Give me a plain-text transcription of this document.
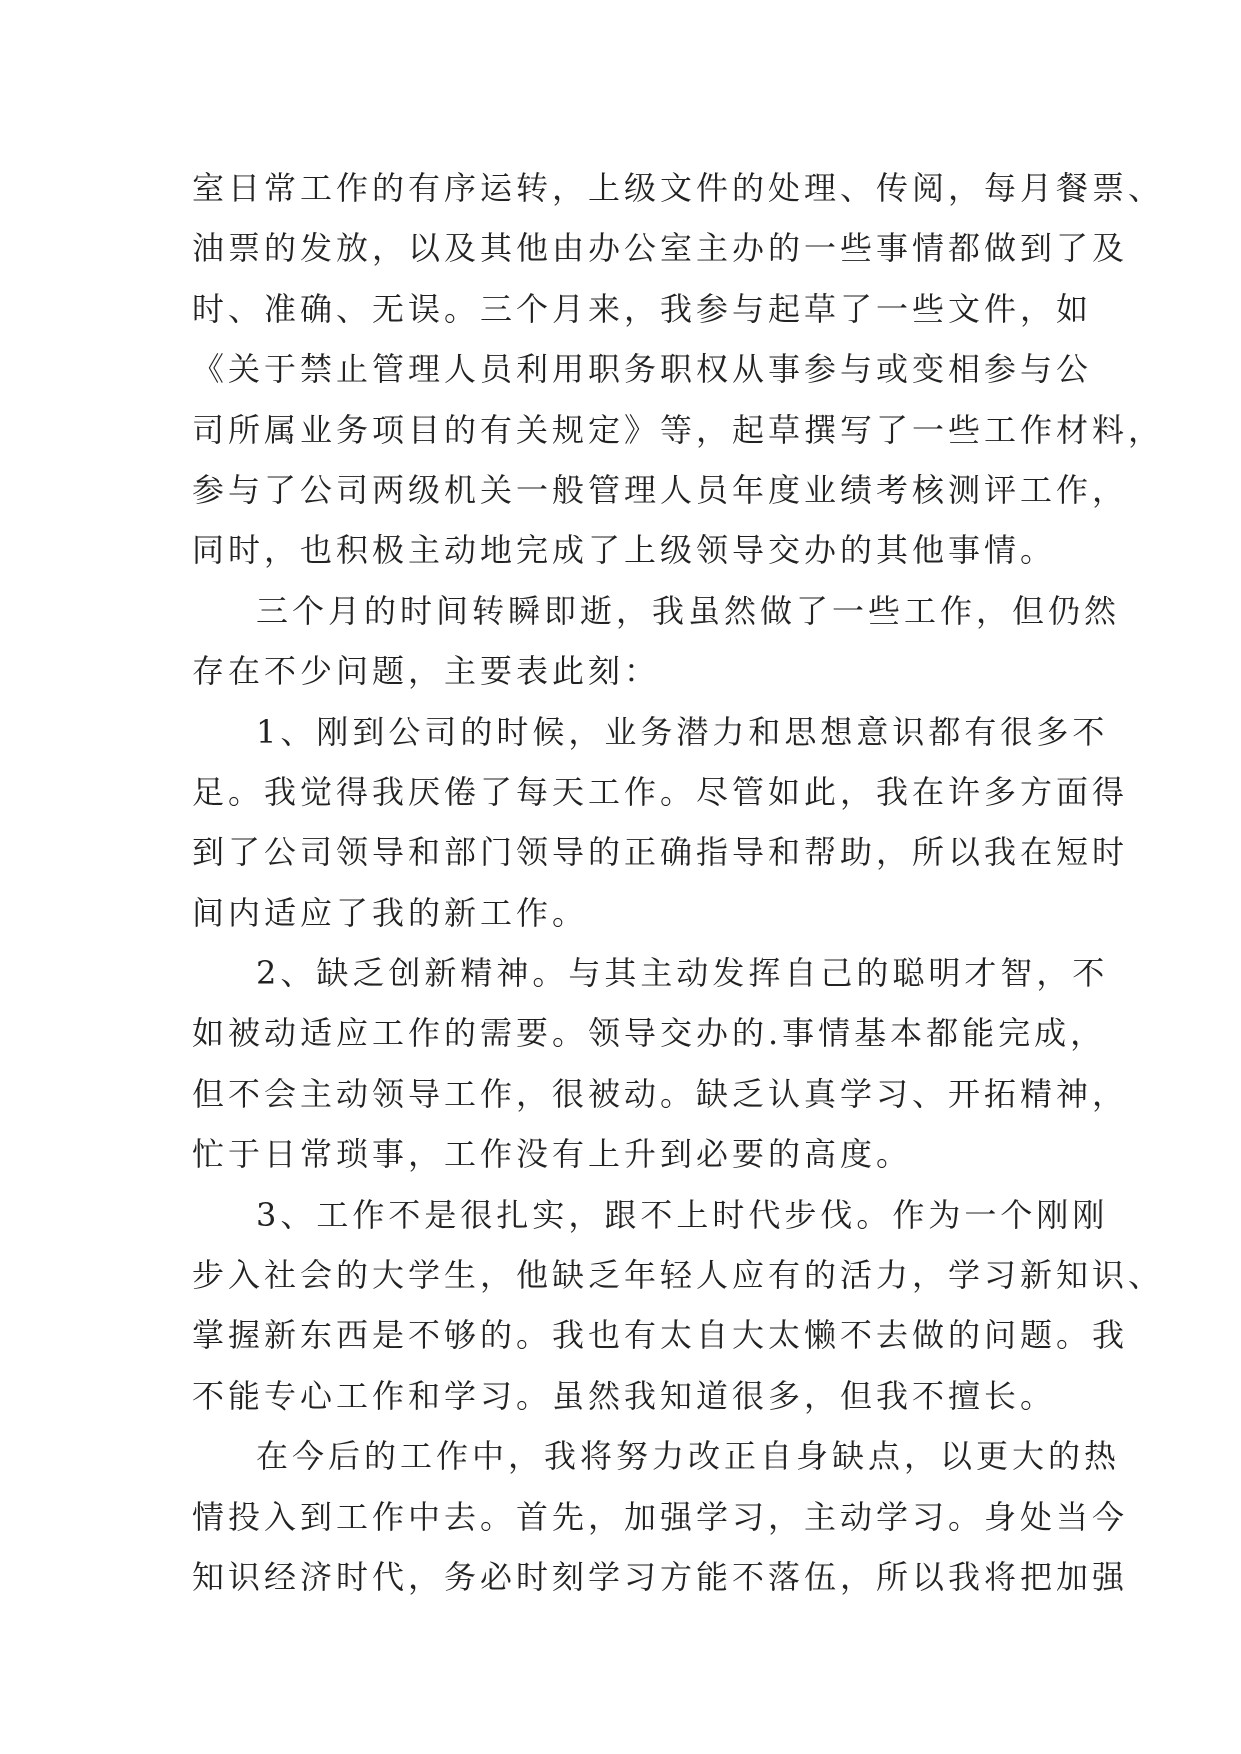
室日常工作的有序运转，上级文件的处理、传阅，每月餐票、
油票的发放，以及其他由办公室主办的一些事情都做到了及
时、准确、无误。三个月来，我参与起草了一些文件，如
《关于禁止管理人员利用职务职权从事参与或变相参与公
司所属业务项目的有关规定》等，起草撰写了一些工作材料，
参与了公司两级机关一般管理人员年度业绩考核测评工作，
同时，也积极主动地完成了上级领导交办的其他事情。
三个月的时间转瞬即逝，我虽然做了一些工作，但仍然
存在不少问题，主要表此刻：
1、刚到公司的时候，业务潜力和思想意识都有很多不
足。我觉得我厌倦了每天工作。尽管如此，我在许多方面得
到了公司领导和部门领导的正确指导和帮助，所以我在短时
间内适应了我的新工作。
2、缺乏创新精神。与其主动发挥自己的聪明才智，不
如被动适应工作的需要。领导交办的.事情基本都能完成，
但不会主动领导工作，很被动。缺乏认真学习、开拓精神，
忙于日常琐事，工作没有上升到必要的高度。
3、工作不是很扎实，跟不上时代步伐。作为一个刚刚
步入社会的大学生，他缺乏年轻人应有的活力，学习新知识、
掌握新东西是不够的。我也有太自大太懒不去做的问题。我
不能专心工作和学习。虽然我知道很多，但我不擅长。
在今后的工作中，我将努力改正自身缺点，以更大的热
情投入到工作中去。首先，加强学习，主动学习。身处当今
知识经济时代，务必时刻学习方能不落伍，所以我将把加强
